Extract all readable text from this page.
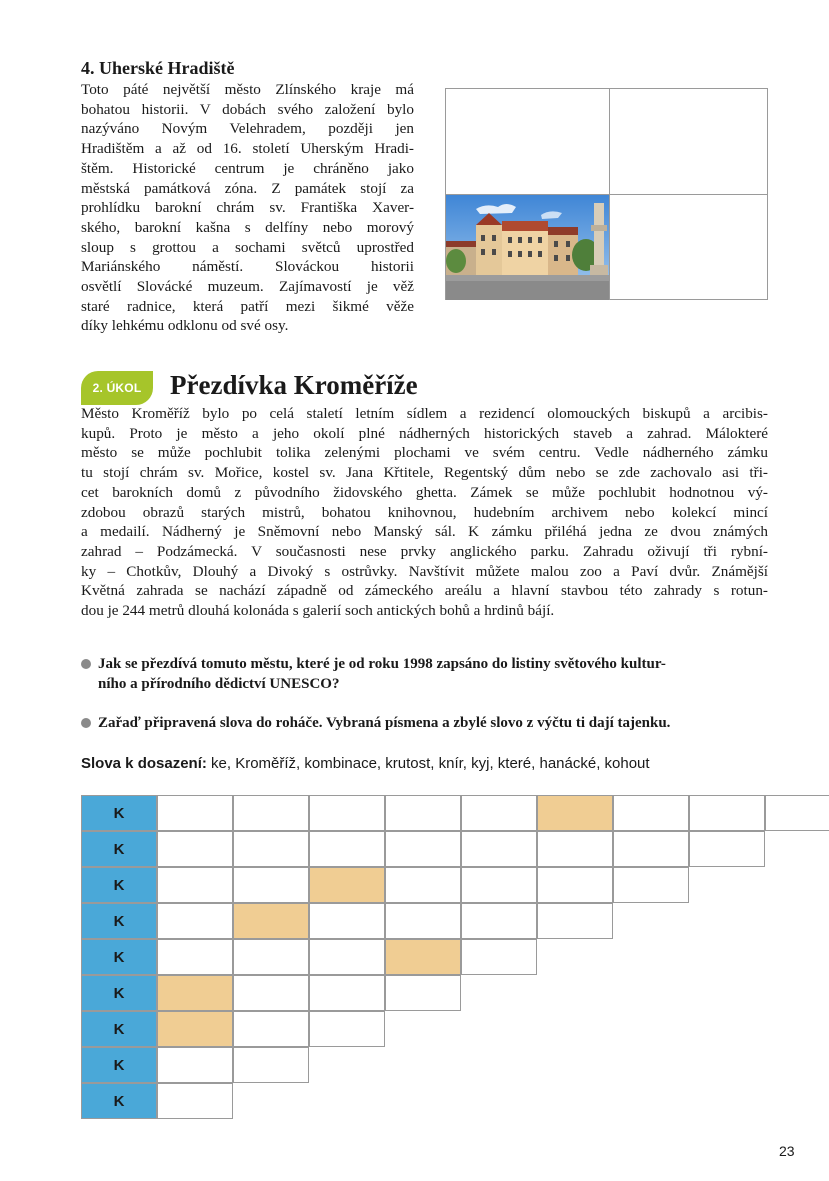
4. Uherské Hradiště
Toto páté největší město Zlínského kraje má
bohatou historii. V dobách svého založení bylo
nazýváno Novým Velehradem, později jen
Hradištěm a až od 16. století Uherským Hradi-
štěm. Historické centrum je chráněno jako
městská památková zóna. Z památek stojí za
prohlídku barokní chrám sv. Františka Xaver-
ského, barokní kašna s delfíny nebo morový
sloup s grottou a sochami světců uprostřed
Mariánského náměstí. Slováckou historii
osvětlí Slovácké muzeum. Zajímavostí je věž
staré radnice, která patří mezi šikmé věže
díky lehkému odklonu od své osy.
2. ÚKOL	Přezdívka Kroměříže
Město Kroměříž bylo po celá staletí letním sídlem a rezidencí olomouckých biskupů a arcibis-
kupů. Proto je město a jeho okolí plné nádherných historických staveb a zahrad. Málokteré
město se může pochlubit tolika zelenými plochami ve svém centru. Vedle nádherného zámku
tu stojí chrám sv. Mořice, kostel sv. Jana Křtitele, Regentský dům nebo se zde zachovalo asi tři-
cet barokních domů z původního židovského ghetta. Zámek se může pochlubit hodnotnou vý-
zdobou obrazů starých mistrů, bohatou knihovnou, hudebním archivem nebo kolekcí mincí
a medailí. Nádherný je Sněmovní nebo Manský sál. K zámku přiléhá jedna ze dvou známých
zahrad – Podzámecká. V současnosti nese prvky anglického parku. Zahradu oživují tři rybní-
ky – Chotkův, Dlouhý a Divoký s ostrůvky. Navštívit můžete malou zoo a Paví dvůr. Známější
Květná zahrada se nachází západně od zámeckého areálu a hlavní stavbou této zahrady s rotun-
dou je 244 metrů dlouhá kolonáda s galerií soch antických bohů a hrdinů bájí.
Jak se přezdívá tomuto městu, které je od roku 1998 zapsáno do listiny světového kultur-
ního a přírodního dědictví UNESCO?
Zařaď připravená slova do roháče. Vybraná písmena a zbylé slovo z výčtu ti dají tajenku.
Slova k dosazení: ke, Kroměříž, kombinace, krutost, knír, kyj, které, hanácké, kohout
K
K
K
K
K
K
K
K
K
23
